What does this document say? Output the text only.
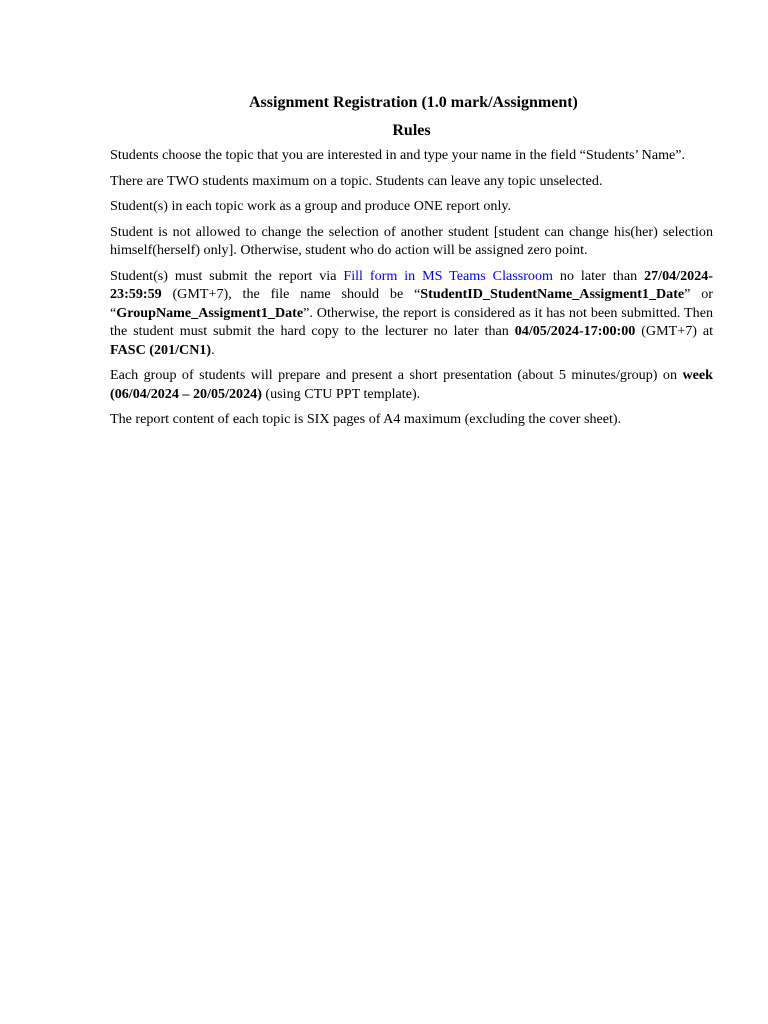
Assignment Registration (1.0 mark/Assignment)

Rules

Students choose the topic that you are interested in and type your name in the field “Students’ Name”.

There are TWO students maximum on a topic. Students can leave any topic unselected.

Student(s) in each topic work as a group and produce ONE report only.

Student is not allowed to change the selection of another student [student can change his(her) selection himself(herself) only]. Otherwise, student who do action will be assigned zero point.

Student(s) must submit the report via Fill form in MS Teams Classroom no later than 27/04/2024- 23:59:59 (GMT+7), the file name should be “StudentID_StudentName_Assigment1_Date” or “GroupName_Assigment1_Date”. Otherwise, the report is considered as it has not been submitted. Then the student must submit the hard copy to the lecturer no later than 04/05/2024-17:00:00 (GMT+7) at FASC (201/CN1).

Each group of students will prepare and present a short presentation (about 5 minutes/group) on week (06/04/2024 – 20/05/2024) (using CTU PPT template).

The report content of each topic is SIX pages of A4 maximum (excluding the cover sheet).
